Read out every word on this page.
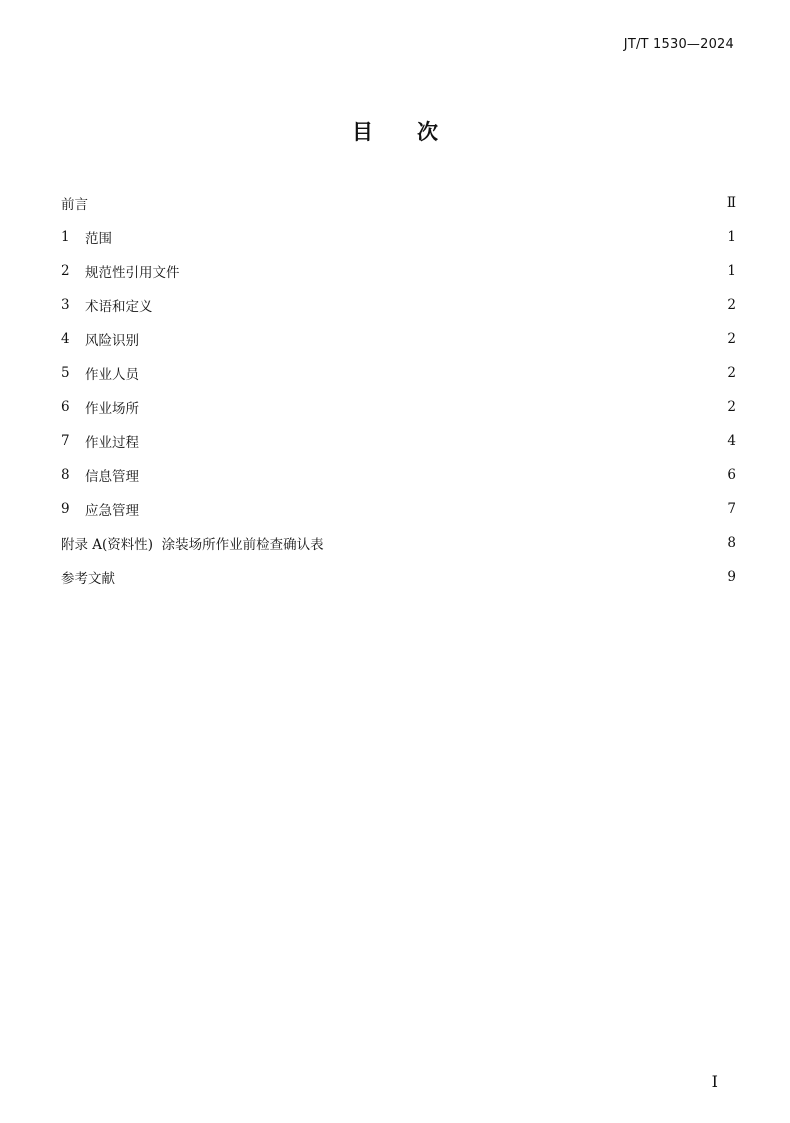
JT/T 1530—2024
目 次
前言	Ⅱ
1	范围	1
2	规范性引用文件	1
3	术语和定义	2
4	风险识别	2
5	作业人员	2
6	作业场所	2
7	作业过程	4
8	信息管理	6
9	应急管理	7
附录 A(资料性)  涂装场所作业前检查确认表	8
参考文献	9
I
